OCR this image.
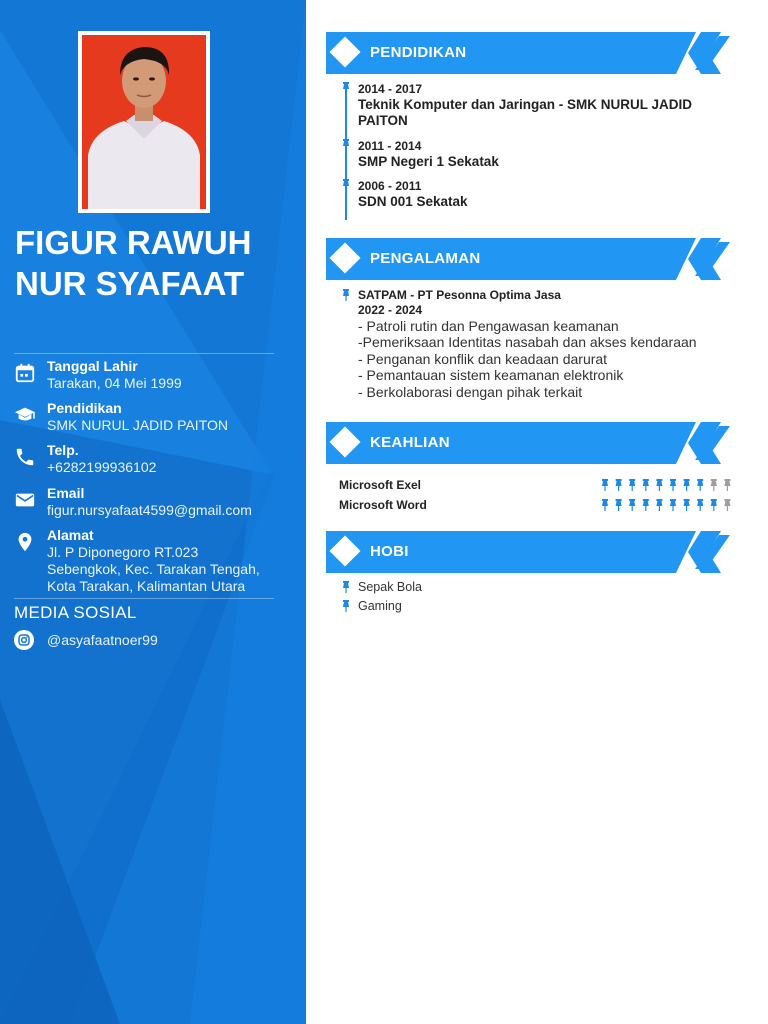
FIGUR RAWUH
NUR SYAFAAT
Tanggal Lahir
Tarakan, 04 Mei 1999
Pendidikan
SMK NURUL JADID PAITON
Telp.
+6282199936102
Email
figur.nursyafaat4599@gmail.com
Alamat
Jl. P Diponegoro RT.023
Sebengkok, Kec. Tarakan Tengah,
Kota Tarakan, Kalimantan Utara
MEDIA SOSIAL
@asyafaatnoer99
PENDIDIKAN
2014 - 2017
Teknik Komputer dan Jaringan - SMK NURUL JADID PAITON
2011 - 2014
SMP Negeri 1 Sekatak
2006 - 2011
SDN 001 Sekatak
PENGALAMAN
SATPAM - PT Pesonna Optima Jasa
2022 - 2024
- Patroli rutin dan Pengawasan keamanan
-Pemeriksaan Identitas nasabah dan akses kendaraan
- Penganan konflik dan keadaan darurat
- Pemantauan sistem keamanan elektronik
- Berkolaborasi dengan pihak terkait
KEAHLIAN
Microsoft Exel
Microsoft Word
HOBI
Sepak Bola
Gaming
